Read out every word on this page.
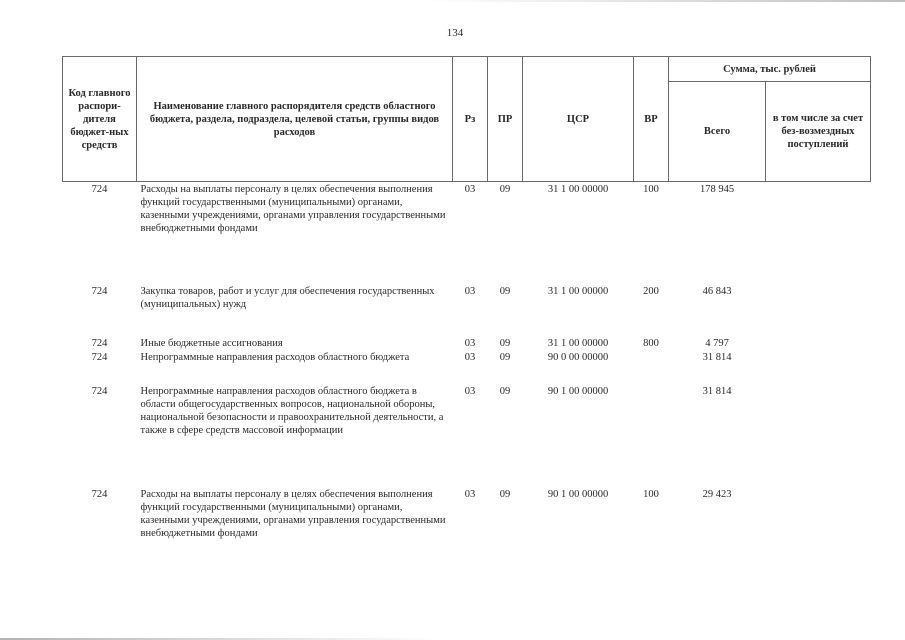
134
Код главного распори-дителя бюджет-ных средств	Наименование главного распорядителя средств областного бюджета, раздела, подраздела, целевой статьи, группы видов расходов	Рз	ПР	ЦСР	ВР	Сумма, тыс. рублей	
						Всего	в том числе за счет без-возмездных поступлений
724	Расходы на выплаты персоналу в целях обеспечения выполнения функций государственными (муниципальными) органами, казенными учреждениями, органами управления государственными внебюджетными фондами	03	09	31 1 00 00000	100	178 945	
724	Закупка товаров, работ и услуг для обеспечения государственных (муниципальных) нужд	03	09	31 1 00 00000	200	46 843	
724	Иные бюджетные ассигнования	03	09	31 1 00 00000	800	4 797	
724	Непрограммные направления расходов областного бюджета	03	09	90 0 00 00000		31 814	
724	Непрограммные направления расходов областного бюджета в области общегосударственных вопросов, национальной обороны, национальной безопасности и правоохранительной деятельности, а также в сфере средств массовой информации	03	09	90 1 00 00000		31 814	
724	Расходы на выплаты персоналу в целях обеспечения выполнения функций государственными (муниципальными) органами, казенными учреждениями, органами управления государственными внебюджетными фондами	03	09	90 1 00 00000	100	29 423	
